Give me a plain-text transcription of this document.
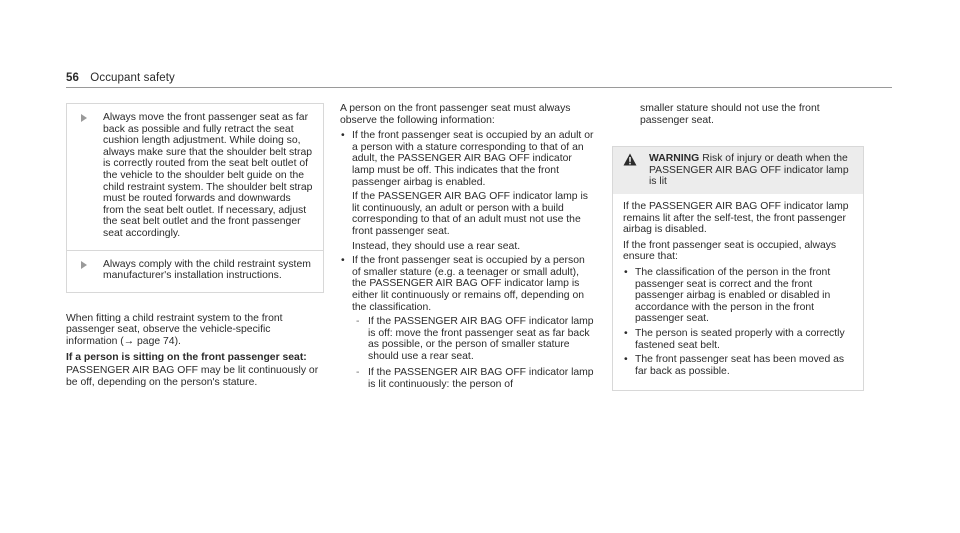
56 Occupant safety
Always move the front passenger seat as far back as possible and fully retract the seat cushion length adjustment. While doing so, always make sure that the shoulder belt strap is correctly routed from the seat belt outlet of the vehicle to the shoulder belt guide on the child restraint system. The shoulder belt strap must be routed forwards and downwards from the seat belt outlet. If necessary, adjust the seat belt outlet and the front passenger seat accordingly.
Always comply with the child restraint system manufacturer's installation instructions.

When fitting a child restraint system to the front passenger seat, observe the vehicle-specific information (→ page 74).

If a person is sitting on the front passenger seat:

PASSENGER AIR BAG OFF may be lit continuously or be off, depending on the person's stature.

A person on the front passenger seat must always observe the following information:

• If the front passenger seat is occupied by an adult or a person with a stature corresponding to that of an adult, the PASSENGER AIR BAG OFF indicator lamp must be off. This indicates that the front passenger airbag is enabled.

If the PASSENGER AIR BAG OFF indicator lamp is lit continuously, an adult or person with a build corresponding to that of an adult must not use the front passenger seat.

Instead, they should use a rear seat.

• If the front passenger seat is occupied by a person of smaller stature (e.g. a teenager or small adult), the PASSENGER AIR BAG OFF indicator lamp is either lit continuously or remains off, depending on the classification.

- If the PASSENGER AIR BAG OFF indicator lamp is off: move the front passenger seat as far back as possible, or the person of smaller stature should use a rear seat.
- If the PASSENGER AIR BAG OFF indicator lamp is lit continuously: the person of

smaller stature should not use the front passenger seat.

WARNING Risk of injury or death when the PASSENGER AIR BAG OFF indicator lamp is lit

If the PASSENGER AIR BAG OFF indicator lamp remains lit after the self-test, the front passenger airbag is disabled.

If the front passenger seat is occupied, always ensure that:

• The classification of the person in the front passenger seat is correct and the front passenger airbag is enabled or disabled in accordance with the person in the front passenger seat.
• The person is seated properly with a correctly fastened seat belt.
• The front passenger seat has been moved as far back as possible.
